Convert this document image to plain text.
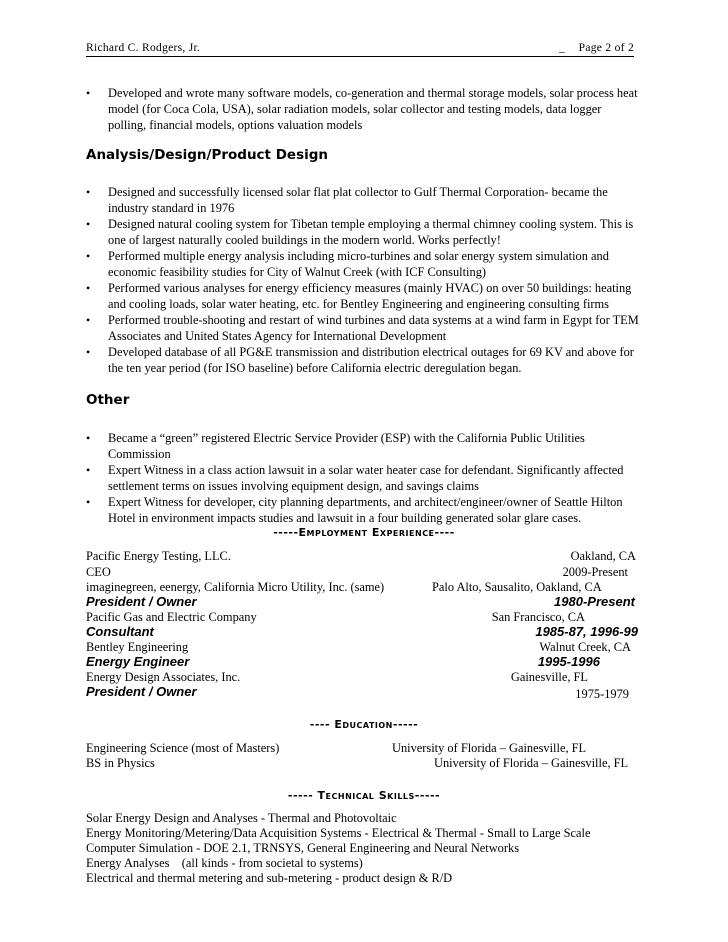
Richard C. Rodgers, Jr.	_ Page 2 of 2
• Developed and wrote many software models, co-generation and thermal storage models, solar process heat model (for Coca Cola, USA), solar radiation models, solar collector and testing models, data logger polling, financial models, options valuation models
Analysis/Design/Product Design
• Designed and successfully licensed solar flat plat collector to Gulf Thermal Corporation- became the industry standard in 1976
• Designed natural cooling system for Tibetan temple employing a thermal chimney cooling system. This is one of largest naturally cooled buildings in the modern world. Works perfectly!
• Performed multiple energy analysis including micro-turbines and solar energy system simulation and economic feasibility studies for City of Walnut Creek (with ICF Consulting)
• Performed various analyses for energy efficiency measures (mainly HVAC) on over 50 buildings: heating and cooling loads, solar water heating, etc. for Bentley Engineering and engineering consulting firms
• Performed trouble-shooting and restart of wind turbines and data systems at a wind farm in Egypt for TEM Associates and United States Agency for International Development
• Developed database of all PG&E transmission and distribution electrical outages for 69 KV and above for the ten year period (for ISO baseline) before California electric deregulation began.
Other
• Became a “green” registered Electric Service Provider (ESP) with the California Public Utilities Commission
• Expert Witness in a class action lawsuit in a solar water heater case for defendant. Significantly affected settlement terms on issues involving equipment design, and savings claims
• Expert Witness for developer, city planning departments, and architect/engineer/owner of Seattle Hilton Hotel in environment impacts studies and lawsuit in a four building generated solar glare cases.
-----Employment Experience----
Pacific Energy Testing, LLC.	Oakland, CA
CEO	2009-Present
imaginegreen, eenergy, California Micro Utility, Inc. (same)	Palo Alto, Sausalito, Oakland, CA
President / Owner	1980-Present
Pacific Gas and Electric Company	San Francisco, CA
Consultant	1985-87, 1996-99
Bentley Engineering	Walnut Creek, CA
Energy Engineer	1995-1996
Energy Design Associates, Inc.	Gainesville, FL
President / Owner	1975-1979
---- Education-----
Engineering Science (most of Masters)	University of Florida – Gainesville, FL
BS in Physics	University of Florida – Gainesville, FL
----- Technical Skills-----
Solar Energy Design and Analyses - Thermal and Photovoltaic
Energy Monitoring/Metering/Data Acquisition Systems - Electrical & Thermal - Small to Large Scale
Computer Simulation - DOE 2.1, TRNSYS, General Engineering and Neural Networks
Energy Analyses    (all kinds - from societal to systems)
Electrical and thermal metering and sub-metering - product design & R/D
